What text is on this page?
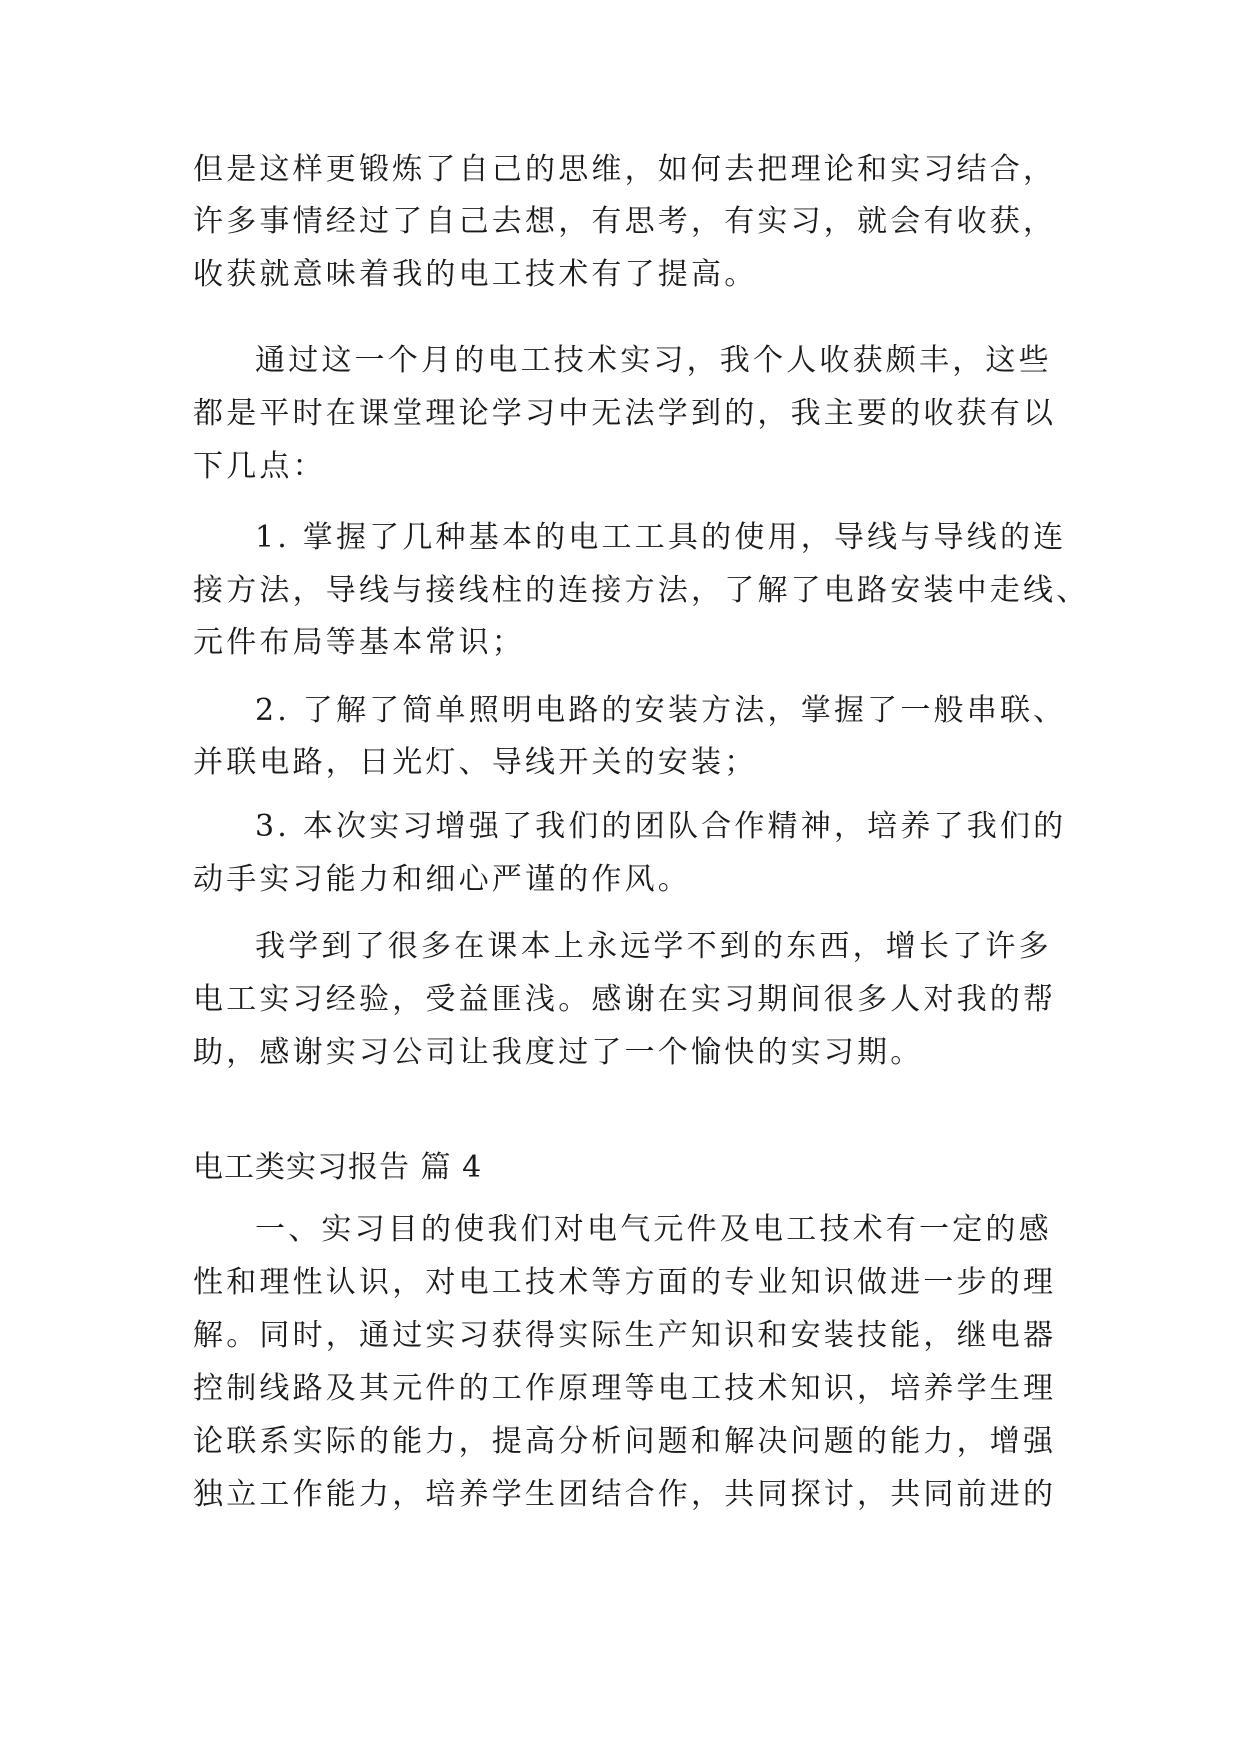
但是这样更锻炼了自己的思维，如何去把理论和实习结合，
许多事情经过了自己去想，有思考，有实习，就会有收获，
收获就意味着我的电工技术有了提高。
通过这一个月的电工技术实习，我个人收获颇丰，这些
都是平时在课堂理论学习中无法学到的，我主要的收获有以
下几点：
1. 掌握了几种基本的电工工具的使用，导线与导线的连
接方法，导线与接线柱的连接方法，了解了电路安装中走线、
元件布局等基本常识；
2. 了解了简单照明电路的安装方法，掌握了一般串联、
并联电路，日光灯、导线开关的安装；
3. 本次实习增强了我们的团队合作精神，培养了我们的
动手实习能力和细心严谨的作风。
我学到了很多在课本上永远学不到的东西，增长了许多
电工实习经验，受益匪浅。感谢在实习期间很多人对我的帮
助，感谢实习公司让我度过了一个愉快的实习期。
电工类实习报告 篇 4
一、实习目的使我们对电气元件及电工技术有一定的感
性和理性认识，对电工技术等方面的专业知识做进一步的理
解。同时，通过实习获得实际生产知识和安装技能，继电器
控制线路及其元件的工作原理等电工技术知识，培养学生理
论联系实际的能力，提高分析问题和解决问题的能力，增强
独立工作能力，培养学生团结合作，共同探讨，共同前进的
